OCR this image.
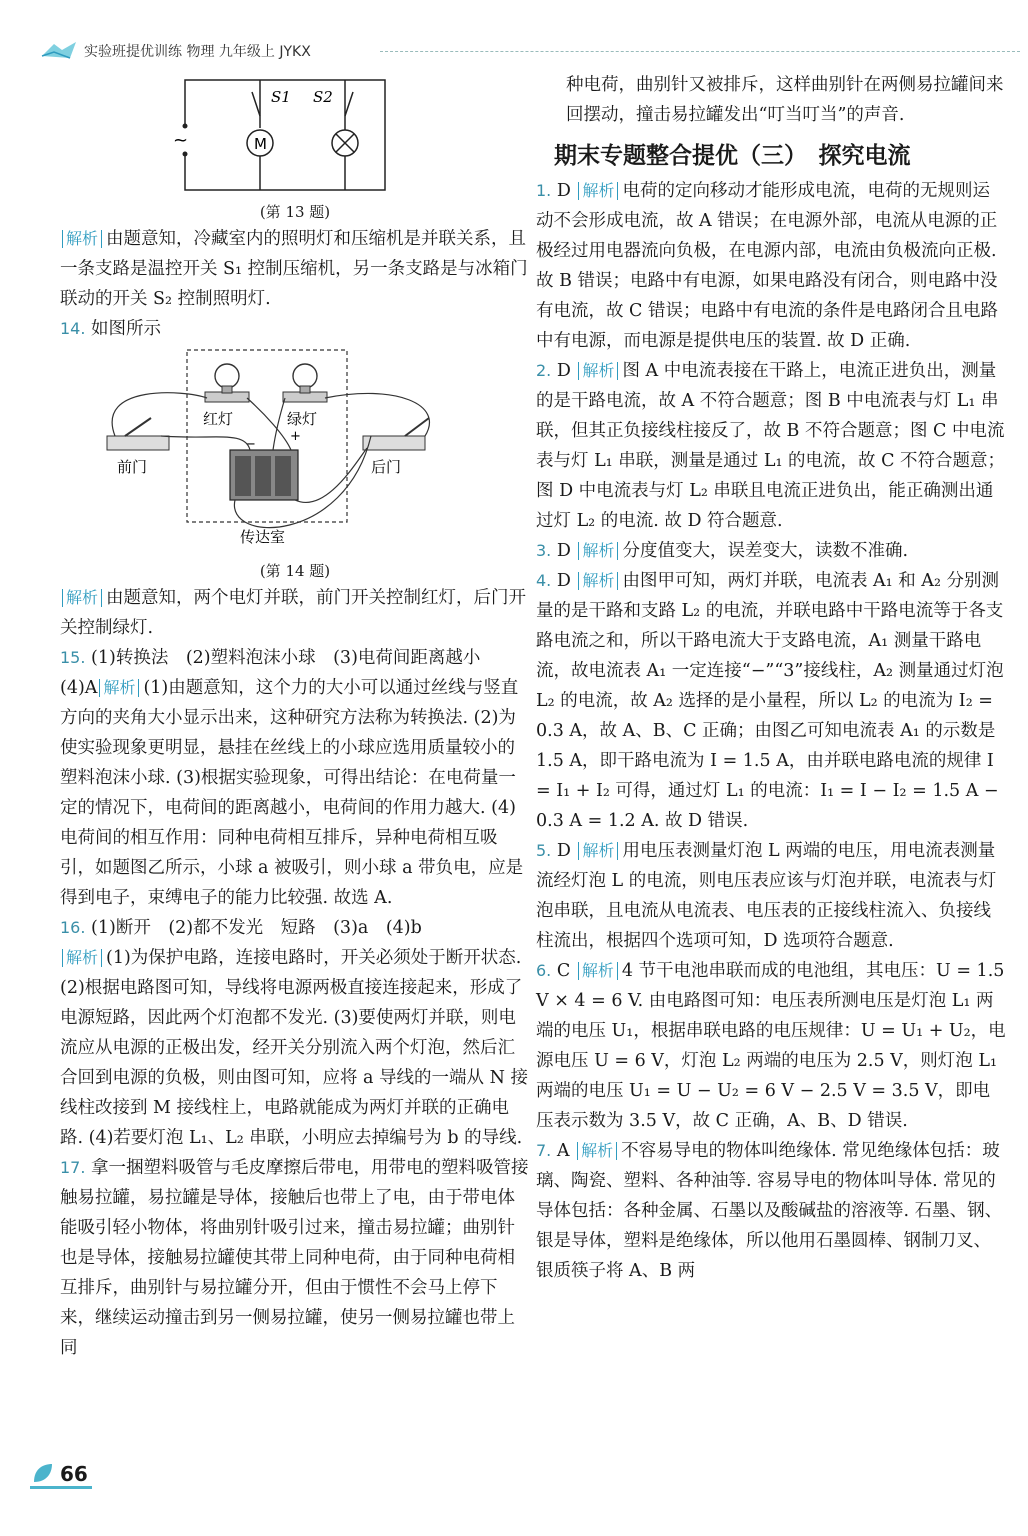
实验班提优训练 物理 九年级上 JYKX
~	M
S1 S2
(第 13 题)

解析 由题意知，冷藏室内的照明灯和压缩机是并联关系，且一条支路是温控开关 S₁ 控制压缩机，另一条支路是与冰箱门联动的开关 S₂ 控制照明灯.

14. 如图所示

红灯	绿灯
−
+
前门	后门
传达室
(第 14 题)

解析 由题意知，两个电灯并联，前门开关控制红灯，后门开关控制绿灯.

15. (1)转换法　(2)塑料泡沫小球　(3)电荷间距离越小　(4)A 解析 (1)由题意知，这个力的大小可以通过丝线与竖直方向的夹角大小显示出来，这种研究方法称为转换法. (2)为使实验现象更明显，悬挂在丝线上的小球应选用质量较小的塑料泡沫小球. (3)根据实验现象，可得出结论：在电荷量一定的情况下，电荷间的距离越小，电荷间的作用力越大. (4)电荷间的相互作用：同种电荷相互排斥，异种电荷相互吸引，如题图乙所示，小球 a 被吸引，则小球 a 带负电，应是得到电子，束缚电子的能力比较强. 故选 A.

16. (1)断开　(2)都不发光　短路　(3)a　(4)b

解析 (1)为保护电路，连接电路时，开关必须处于断开状态. (2)根据电路图可知，导线将电源两极直接连接起来，形成了电源短路，因此两个灯泡都不发光. (3)要使两灯并联，则电流应从电源的正极出发，经开关分别流入两个灯泡，然后汇合回到电源的负极，则由图可知，应将 a 导线的一端从 N 接线柱改接到 M 接线柱上，电路就能成为两灯并联的正确电路. (4)若要灯泡 L₁、L₂ 串联，小明应去掉编号为 b 的导线.

17. 拿一捆塑料吸管与毛皮摩擦后带电，用带电的塑料吸管接触易拉罐，易拉罐是导体，接触后也带上了电，由于带电体能吸引轻小物体，将曲别针吸引过来，撞击易拉罐；曲别针也是导体，接触易拉罐使其带上同种电荷，由于同种电荷相互排斥，曲别针与易拉罐分开，但由于惯性不会马上停下来，继续运动撞击到另一侧易拉罐，使另一侧易拉罐也带上同

种电荷，曲别针又被排斥，这样曲别针在两侧易拉罐间来回摆动，撞击易拉罐发出“叮当叮当”的声音.

期末专题整合提优（三）　探究电流

1. D 解析 电荷的定向移动才能形成电流，电荷的无规则运动不会形成电流，故 A 错误；在电源外部，电流从电源的正极经过用电器流向负极，在电源内部，电流由负极流向正极. 故 B 错误；电路中有电源，如果电路没有闭合，则电路中没有电流，故 C 错误；电路中有电流的条件是电路闭合且电路中有电源，而电源是提供电压的装置. 故 D 正确.

2. D 解析 图 A 中电流表接在干路上，电流正进负出，测量的是干路电流，故 A 不符合题意；图 B 中电流表与灯 L₁ 串联，但其正负接线柱接反了，故 B 不符合题意；图 C 中电流表与灯 L₁ 串联，测量是通过 L₁ 的电流，故 C 不符合题意；图 D 中电流表与灯 L₂ 串联且电流正进负出，能正确测出通过灯 L₂ 的电流. 故 D 符合题意.

3. D 解析 分度值变大，误差变大，读数不准确.

4. D 解析 由图甲可知，两灯并联，电流表 A₁ 和 A₂ 分别测量的是干路和支路 L₂ 的电流，并联电路中干路电流等于各支路电流之和，所以干路电流大于支路电流，A₁ 测量干路电流，故电流表 A₁ 一定连接“−”“3”接线柱，A₂ 测量通过灯泡 L₂ 的电流，故 A₂ 选择的是小量程，所以 L₂ 的电流为 I₂ = 0.3 A，故 A、B、C 正确；由图乙可知电流表 A₁ 的示数是 1.5 A，即干路电流为 I = 1.5 A，由并联电路电流的规律 I = I₁ + I₂ 可得，通过灯 L₁ 的电流：I₁ = I − I₂ = 1.5 A − 0.3 A = 1.2 A. 故 D 错误.

5. D 解析 用电压表测量灯泡 L 两端的电压，用电流表测量流经灯泡 L 的电流，则电压表应该与灯泡并联，电流表与灯泡串联，且电流从电流表、电压表的正接线柱流入、负接线柱流出，根据四个选项可知，D 选项符合题意.

6. C 解析 4 节干电池串联而成的电池组，其电压：U = 1.5 V × 4 = 6 V. 由电路图可知：电压表所测电压是灯泡 L₁ 两端的电压 U₁，根据串联电路的电压规律：U = U₁ + U₂，电源电压 U = 6 V，灯泡 L₂ 两端的电压为 2.5 V，则灯泡 L₁ 两端的电压 U₁ = U − U₂ = 6 V − 2.5 V = 3.5 V，即电压表示数为 3.5 V，故 C 正确，A、B、D 错误.

7. A 解析 不容易导电的物体叫绝缘体. 常见绝缘体包括：玻璃、陶瓷、塑料、各种油等. 容易导电的物体叫导体. 常见的导体包括：各种金属、石墨以及酸碱盐的溶液等. 石墨、钢、银是导体，塑料是绝缘体，所以他用石墨圆棒、钢制刀叉、银质筷子将 A、B 两

66
